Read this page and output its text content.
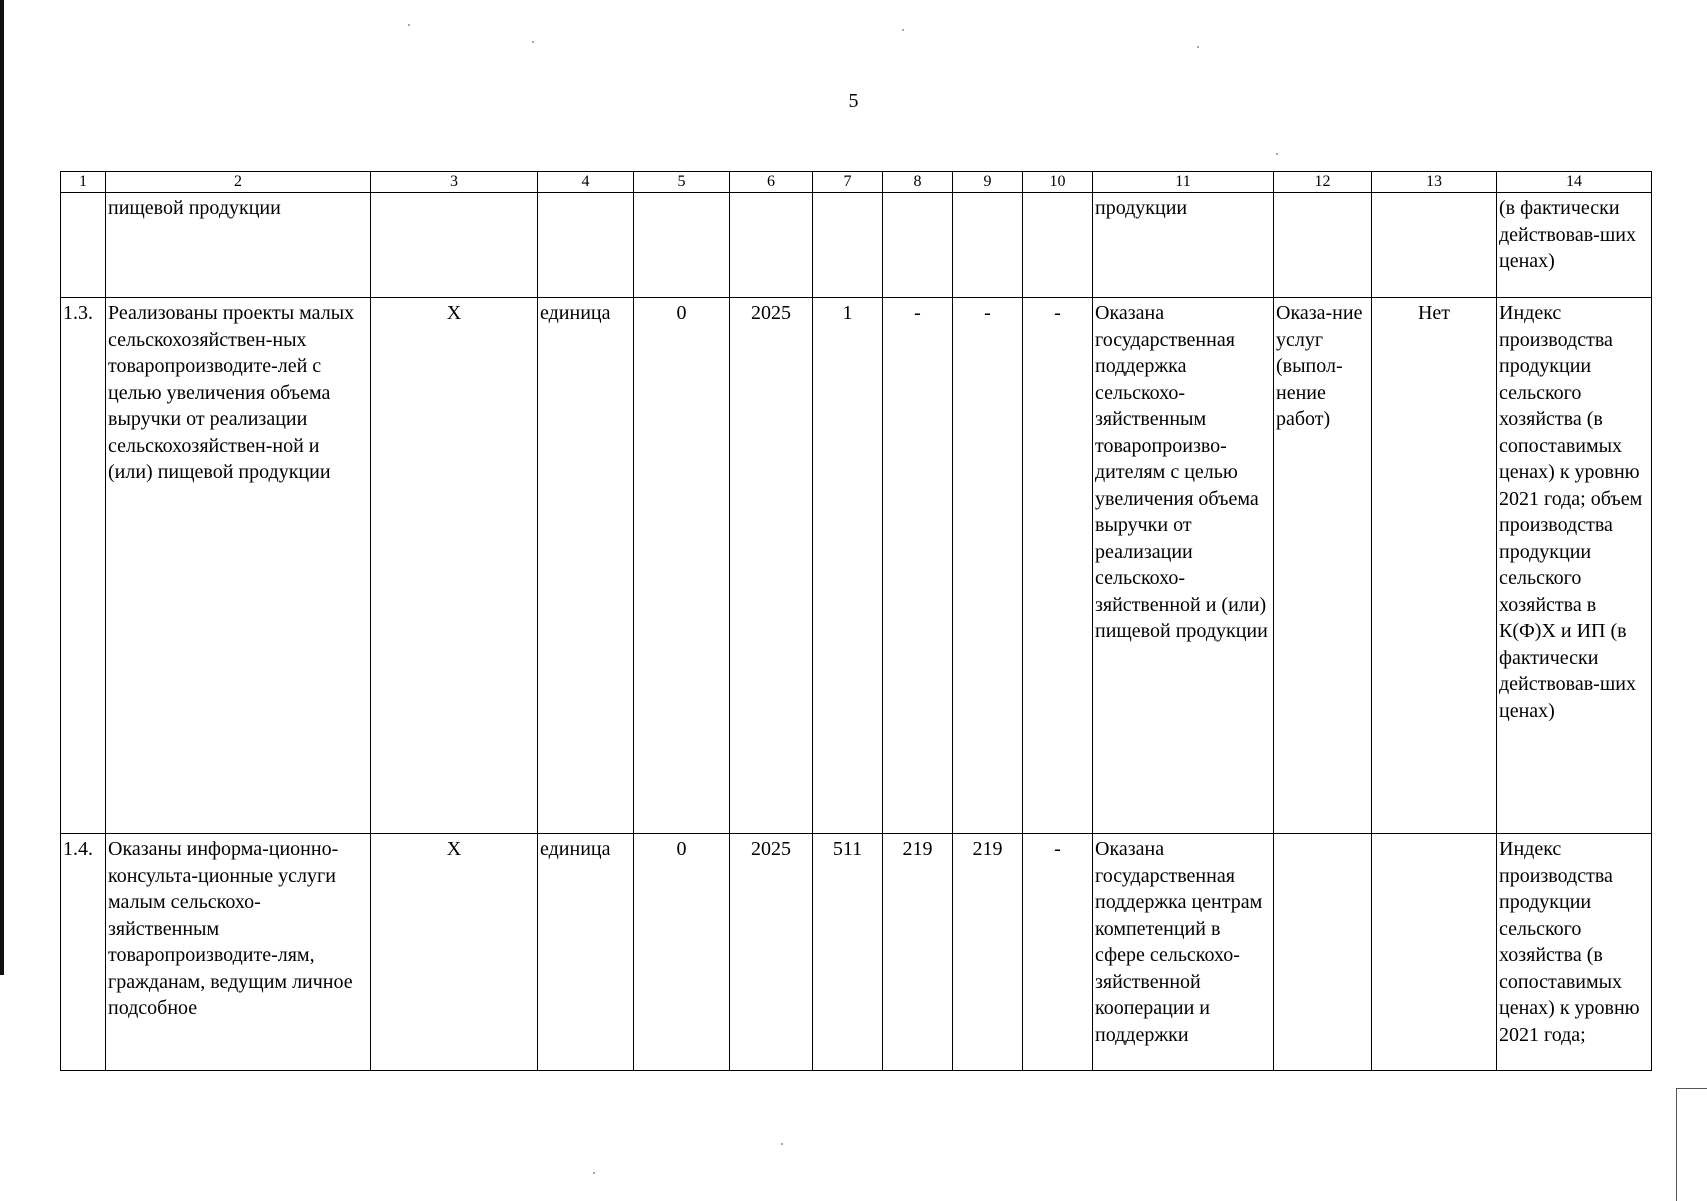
5
1	2	3	4	5	6	7	8	9	10	11	12	13	14
	пищевой продукции									продукции			(в фактически действовав-ших ценах)
1.3.	Реализованы проекты малых сельскохозяйствен-ных товаропроизводите-лей с целью увеличения объема выручки от реализации сельскохозяйствен-ной и (или) пищевой продукции	X	единица	0	2025	1	-	-	-	Оказана государственная поддержка сельскохо-зяйственным товаропроизво-дителям с целью увеличения объема выручки от реализации сельскохо-зяйственной и (или) пищевой продукции	Оказа-ние услуг (выпол-нение работ)	Нет	Индекс производства продукции сельского хозяйства (в сопоставимых ценах) к уровню 2021 года; объем производства продукции сельского хозяйства в К(Ф)Х и ИП (в фактически действовав-ших ценах)
1.4.	Оказаны информа-ционно-консульта-ционные услуги малым сельскохо-зяйственным товаропроизводите-лям, гражданам, ведущим личное подсобное	X	единица	0	2025	511	219	219	-	Оказана государственная поддержка центрам компетенций в сфере сельскохо-зяйственной кооперации и поддержки			Индекс производства продукции сельского хозяйства (в сопоставимых ценах) к уровню 2021 года;
